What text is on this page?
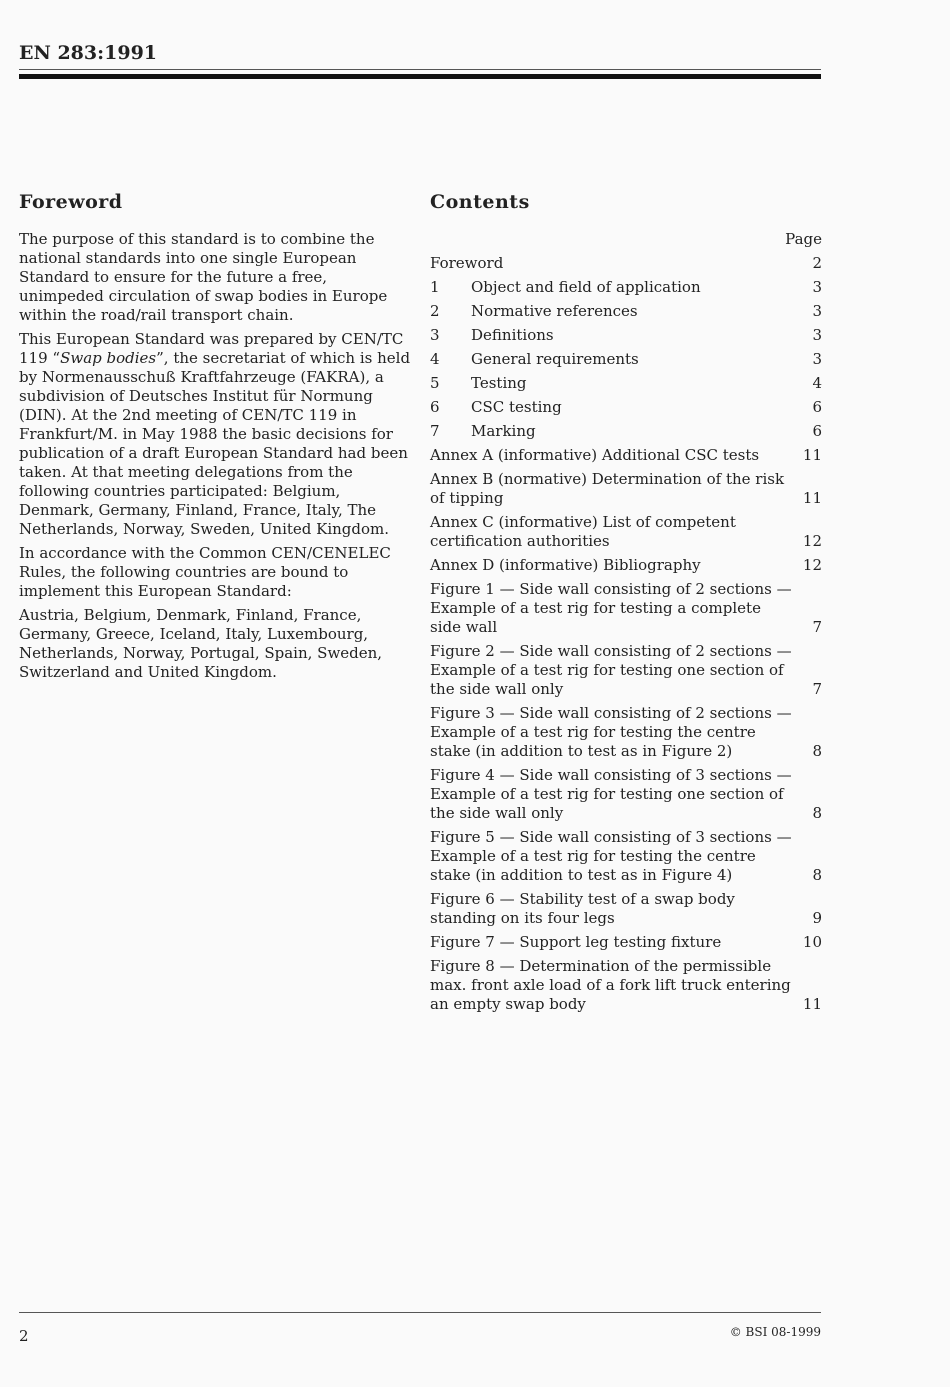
EN 283:1991
Foreword	Contents

The purpose of this standard is to combine the national standards into one single European Standard to ensure for the future a free, unimpeded circulation of swap bodies in Europe within the road/rail transport chain.

This European Standard was prepared by CEN/TC 119 “Swap bodies”, the secretariat of which is held by Normenausschuß Kraftfahrzeuge (FAKRA), a subdivision of Deutsches Institut für Normung (DIN). At the 2nd meeting of CEN/TC 119 in Frankfurt/M. in May 1988 the basic decisions for publication of a draft European Standard had been taken. At that meeting delegations from the following countries participated: Belgium, Denmark, Germany, Finland, France, Italy, The Netherlands, Norway, Sweden, United Kingdom.

In accordance with the Common CEN/CENELEC Rules, the following countries are bound to implement this European Standard:

Austria, Belgium, Denmark, Finland, France, Germany, Greece, Iceland, Italy, Luxembourg, Netherlands, Norway, Portugal, Spain, Sweden, Switzerland and United Kingdom.

Page
Foreword	2
1	Object and field of application	3
2	Normative references	3
3	Definitions	3
4	General requirements	3
5	Testing	4
6	CSC testing	6
7	Marking	6
Annex A (informative) Additional CSC tests	11
Annex B (normative) Determination of the risk of tipping	11
Annex C (informative) List of competent certification authorities	12
Annex D (informative) Bibliography	12
Figure 1 — Side wall consisting of 2 sections — Example of a test rig for testing a complete side wall	7
Figure 2 — Side wall consisting of 2 sections — Example of a test rig for testing one section of the side wall only	7
Figure 3 — Side wall consisting of 2 sections — Example of a test rig for testing the centre stake (in addition to test as in Figure 2)	8
Figure 4 — Side wall consisting of 3 sections — Example of a test rig for testing one section of the side wall only	8
Figure 5 — Side wall consisting of 3 sections — Example of a test rig for testing the centre stake (in addition to test as in Figure 4)	8
Figure 6 — Stability test of a swap body standing on its four legs	9
Figure 7 — Support leg testing fixture	10
Figure 8 — Determination of the permissible max. front axle load of a fork lift truck entering an empty swap body	11
2	© BSI 08-1999
